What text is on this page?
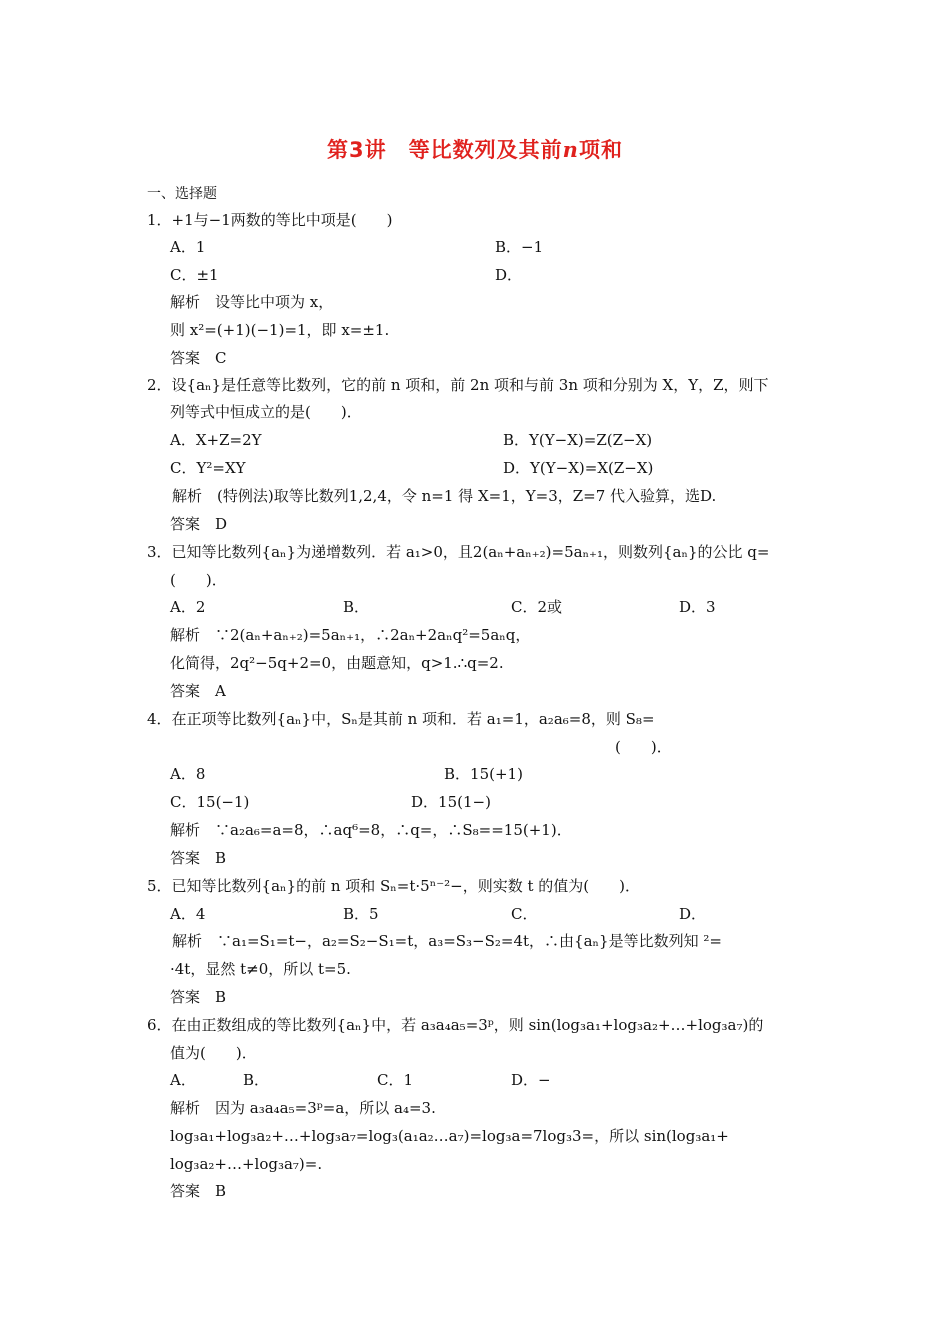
第3讲　等比数列及其前n项和
一、选择题
1．+1与−1两数的等比中项是(　　)
A．1	B．−1
C．±1	D．
解析　设等比中项为 x，
则 x²=(+1)(−1)=1，即 x=±1.
答案　C
2．设{aₙ}是任意等比数列，它的前 n 项和，前 2n 项和与前 3n 项和分别为 X，Y，Z，则下
列等式中恒成立的是(　　)．
A．X+Z=2Y	B．Y(Y−X)=Z(Z−X)
C．Y²=XY	D．Y(Y−X)=X(Z−X)
解析　(特例法)取等比数列1,2,4，令 n=1 得 X=1，Y=3，Z=7 代入验算，选D.
答案　D
3．已知等比数列{aₙ}为递增数列．若 a₁>0，且2(aₙ+aₙ₊₂)=5aₙ₊₁，则数列{aₙ}的公比 q=
(　　)．
A．2	B．	C．2或	D．3
解析　∵2(aₙ+aₙ₊₂)=5aₙ₊₁，∴2aₙ+2aₙq²=5aₙq，
化简得，2q²−5q+2=0，由题意知，q>1.∴q=2.
答案　A
4．在正项等比数列{aₙ}中，Sₙ是其前 n 项和．若 a₁=1，a₂a₆=8，则 S₈=
(　　)．
A．8	B．15(+1)
C．15(−1)	D．15(1−)
解析　∵a₂a₆=a=8，∴aq⁶=8，∴q=，∴S₈==15(+1)．
答案　B
5．已知等比数列{aₙ}的前 n 项和 Sₙ=t·5ⁿ⁻²−，则实数 t 的值为(　　)．
A．4	B．5	C．	D．
解析　∵a₁=S₁=t−，a₂=S₂−S₁=t，a₃=S₃−S₂=4t，∴由{aₙ}是等比数列知 ²=
·4t，显然 t≠0，所以 t=5.
答案　B
6．在由正数组成的等比数列{aₙ}中，若 a₃a₄a₅=3ᵖ，则 sin(log₃a₁+log₃a₂+…+log₃a₇)的
值为(　　)．
A．	B．	C．1	D．−
解析　因为 a₃a₄a₅=3ᵖ=a，所以 a₄=3.
log₃a₁+log₃a₂+…+log₃a₇=log₃(a₁a₂…a₇)=log₃a=7log₃3=，所以 sin(log₃a₁+
log₃a₂+…+log₃a₇)=.
答案　B
